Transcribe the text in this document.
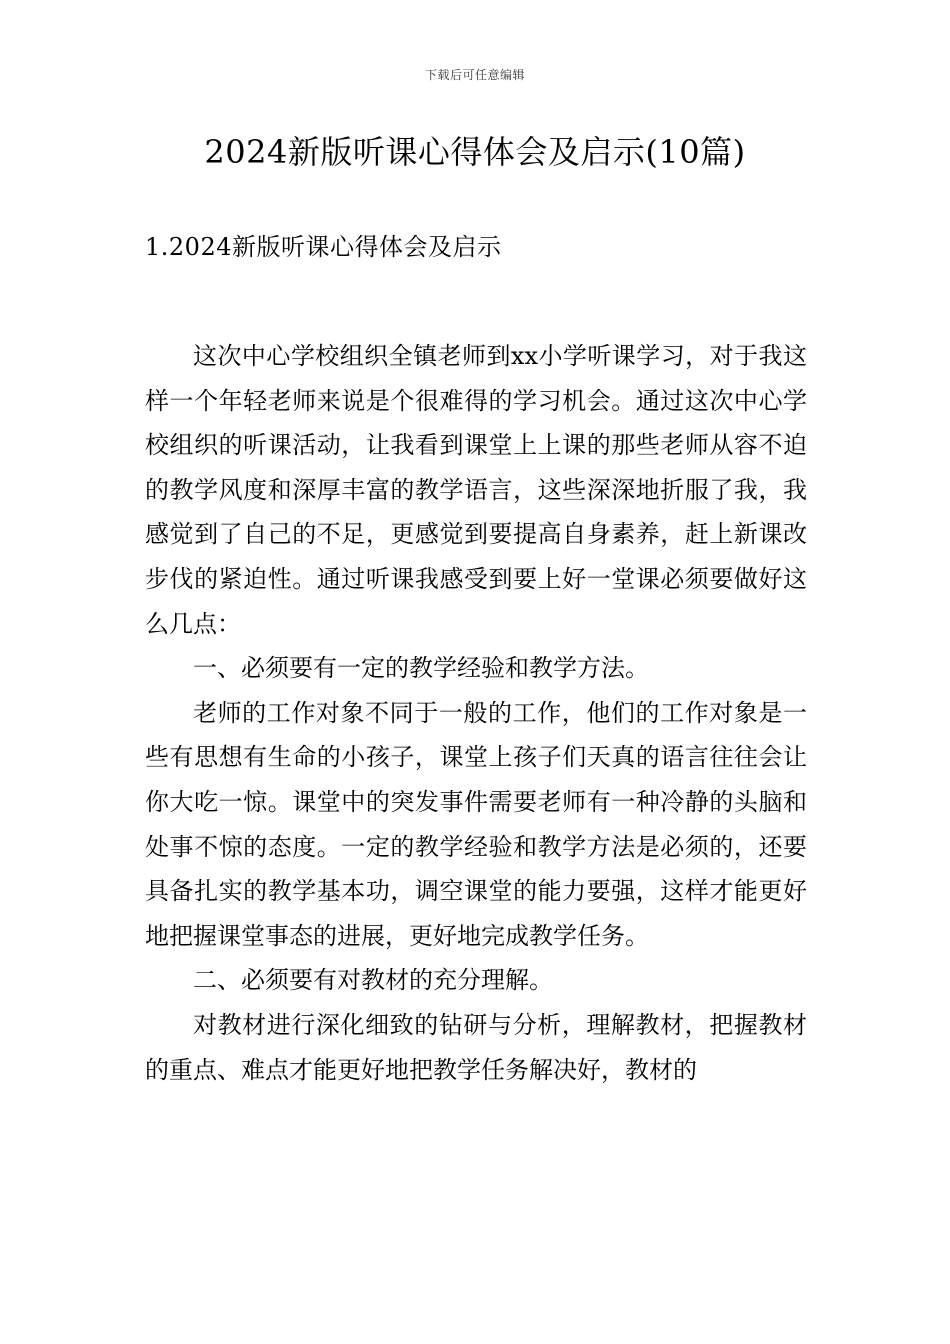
下载后可任意编辑
2024新版听课心得体会及启示(10篇)
1.2024新版听课心得体会及启示

这次中心学校组织全镇老师到xx小学听课学习，对于我这样一个年轻老师来说是个很难得的学习机会。通过这次中心学校组织的听课活动，让我看到课堂上上课的那些老师从容不迫的教学风度和深厚丰富的教学语言，这些深深地折服了我，我感觉到了自己的不足，更感觉到要提高自身素养，赶上新课改步伐的紧迫性。通过听课我感受到要上好一堂课必须要做好这么几点：

一、必须要有一定的教学经验和教学方法。

老师的工作对象不同于一般的工作，他们的工作对象是一些有思想有生命的小孩子，课堂上孩子们天真的语言往往会让你大吃一惊。课堂中的突发事件需要老师有一种冷静的头脑和处事不惊的态度。一定的教学经验和教学方法是必须的，还要具备扎实的教学基本功，调空课堂的能力要强，这样才能更好地把握课堂事态的进展，更好地完成教学任务。

二、必须要有对教材的充分理解。

对教材进行深化细致的钻研与分析，理解教材，把握教材的重点、难点才能更好地把教学任务解决好，教材的
